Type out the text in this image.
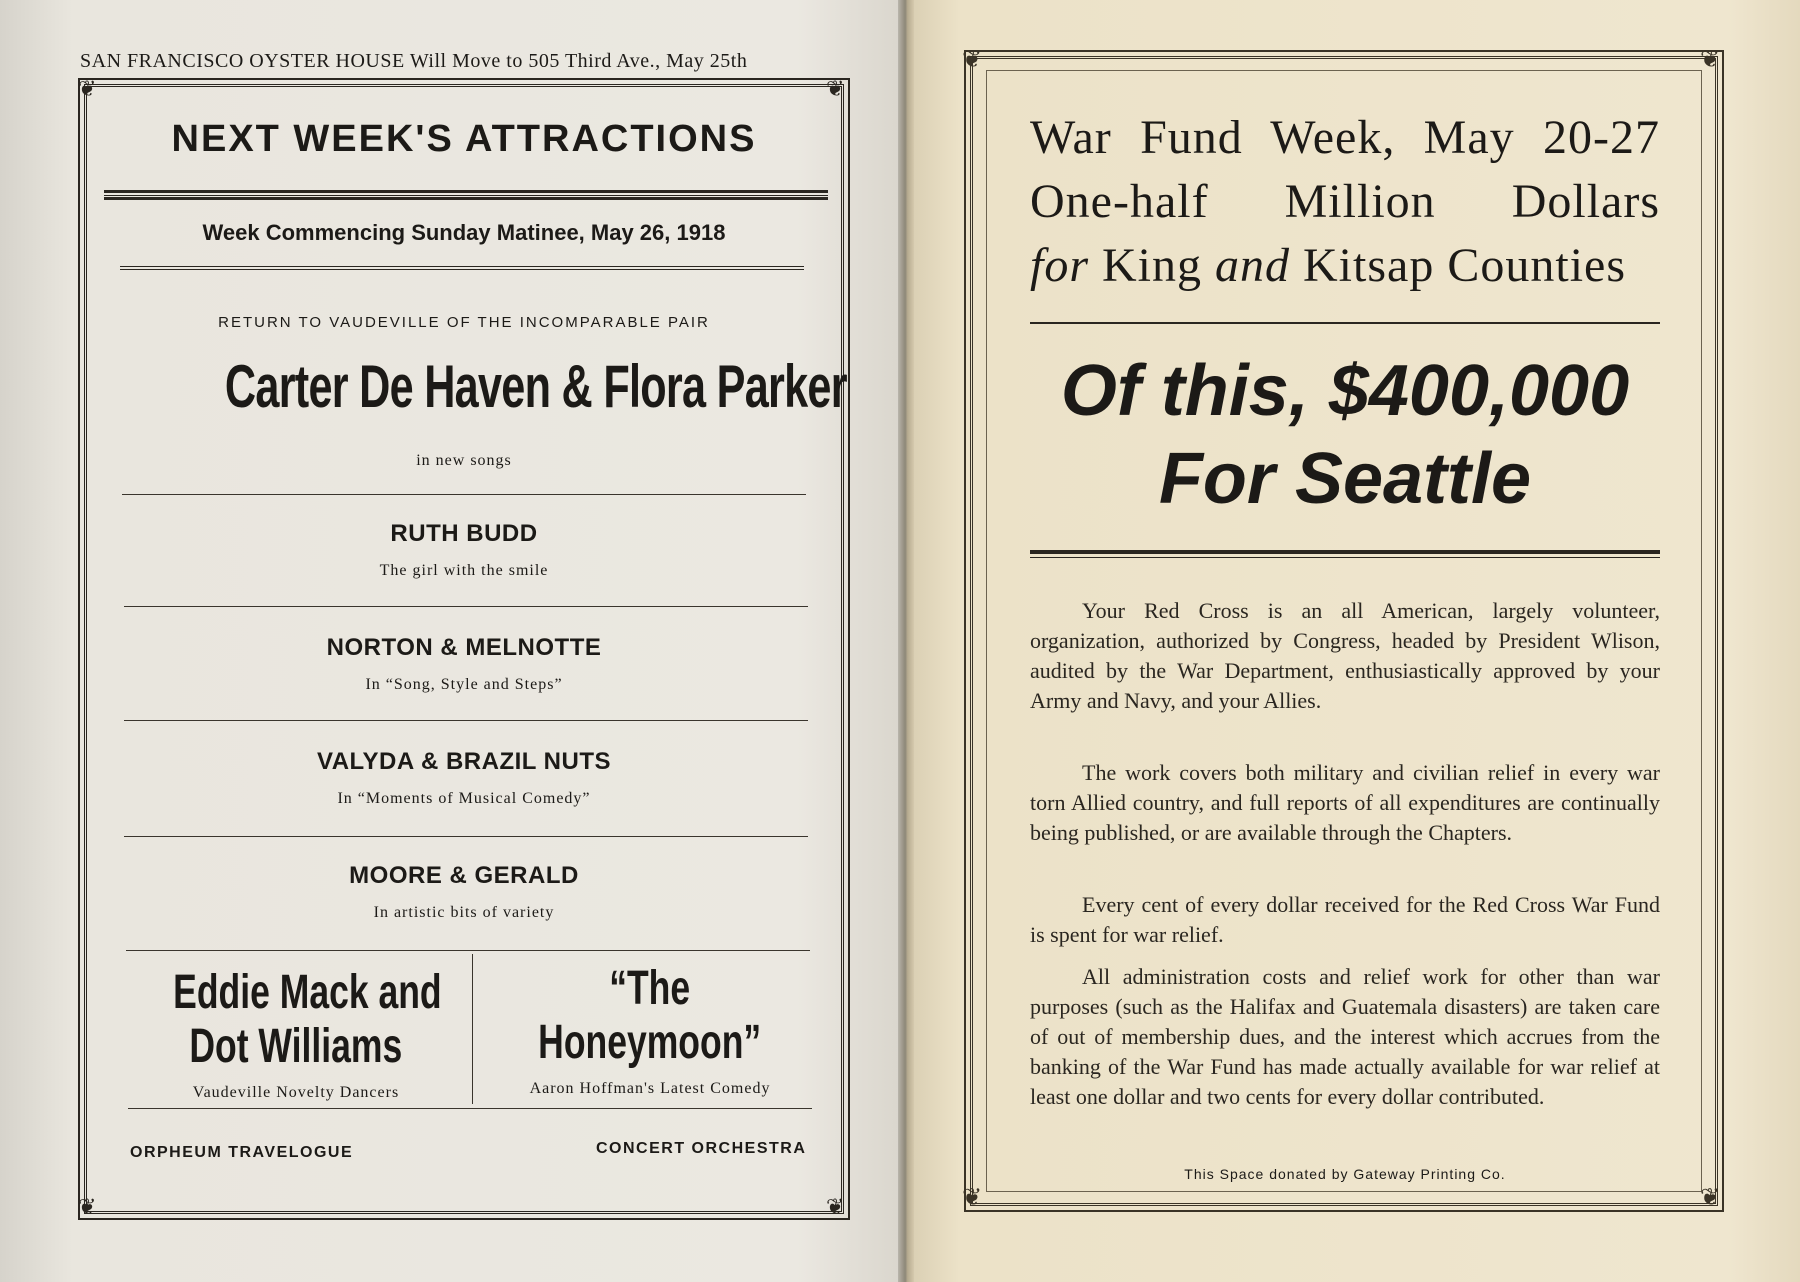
SAN FRANCISCO OYSTER HOUSE Will Move to 505 Third Ave., May 25th
❦	❦
❦	❦
NEXT WEEK'S ATTRACTIONS
Week Commencing Sunday Matinee, May 26, 1918
RETURN TO VAUDEVILLE OF THE INCOMPARABLE PAIR
Carter De Haven & Flora Parker
in new songs
RUTH BUDD
The girl with the smile
NORTON & MELNOTTE
In “Song, Style and Steps”
VALYDA & BRAZIL NUTS
In “Moments of Musical Comedy”
MOORE & GERALD
In artistic bits of variety
Eddie Mack and
Dot Williams
Vaudeville Novelty Dancers
“The
Honeymoon”
Aaron Hoffman's Latest Comedy
ORPHEUM TRAVELOGUE	CONCERT ORCHESTRA
❦	❦
❦	❦
War Fund Week, May 20-27
One-half Million Dollars
for King and Kitsap Counties
Of this, $400,000
For Seattle
Your Red Cross is an all American, largely volunteer, organization, authorized by Congress, headed by President Wlison, audited by the War Department, enthusiastically approved by your Army and Navy, and your Allies.
The work covers both military and civilian relief in every war torn Allied country, and full reports of all expenditures are continually being published, or are available through the Chapters.
Every cent of every dollar received for the Red Cross War Fund is spent for war relief.
All administration costs and relief work for other than war purposes (such as the Halifax and Guatemala disasters) are taken care of out of membership dues, and the interest which accrues from the banking of the War Fund has made actually available for war relief at least one dollar and two cents for every dollar contributed.
This Space donated by Gateway Printing Co.
